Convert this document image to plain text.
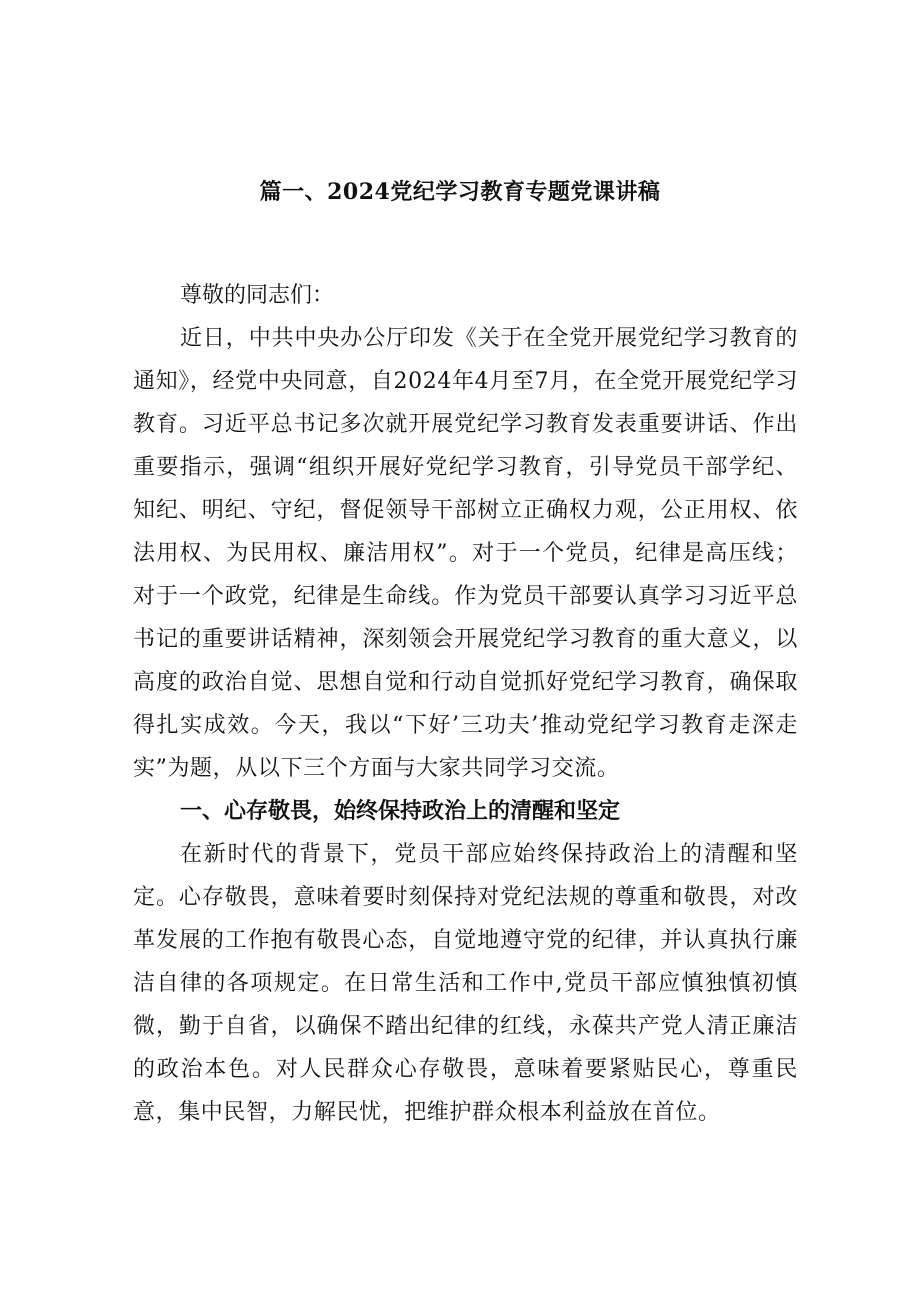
篇一、2024党纪学习教育专题党课讲稿

尊敬的同志们：

近日，中共中央办公厅印发《关于在全党开展党纪学习教育的通知》，经党中央同意，自2024年4月至7月，在全党开展党纪学习教育。习近平总书记多次就开展党纪学习教育发表重要讲话、作出重要指示，强调“组织开展好党纪学习教育，引导党员干部学纪、知纪、明纪、守纪，督促领导干部树立正确权力观，公正用权、依法用权、为民用权、廉洁用权”。对于一个党员，纪律是高压线；对于一个政党，纪律是生命线。作为党员干部要认真学习习近平总书记的重要讲话精神，深刻领会开展党纪学习教育的重大意义，以高度的政治自觉、思想自觉和行动自觉抓好党纪学习教育，确保取得扎实成效。今天，我以“下好’三功夫’推动党纪学习教育走深走实”为题，从以下三个方面与大家共同学习交流。

一、心存敬畏，始终保持政治上的清醒和坚定

在新时代的背景下，党员干部应始终保持政治上的清醒和坚定。心存敬畏，意味着要时刻保持对党纪法规的尊重和敬畏，对改革发展的工作抱有敬畏心态，自觉地遵守党的纪律，并认真执行廉洁自律的各项规定。在日常生活和工作中,党员干部应慎独慎初慎微，勤于自省，以确保不踏出纪律的红线，永葆共产党人清正廉洁的政治本色。对人民群众心存敬畏，意味着要紧贴民心，尊重民意，集中民智，力解民忧，把维护群众根本利益放在首位。
